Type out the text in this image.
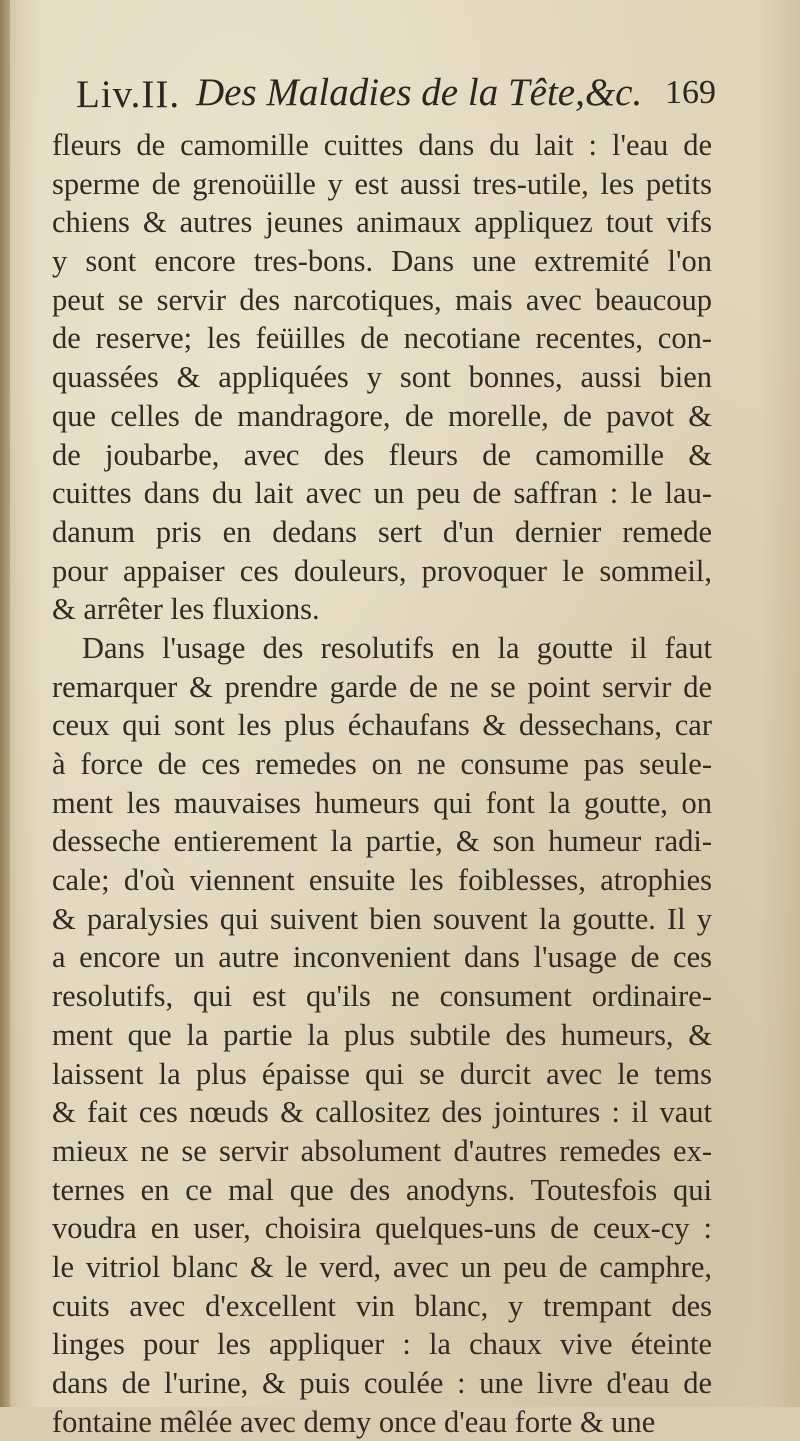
Liv.II. Des Maladies de la Tête,&c. 169
fleurs de camomille cuittes dans du lait : l'eau de
sperme de grenoüille y est aussi tres-utile, les petits
chiens & autres jeunes animaux appliquez tout vifs
y sont encore tres-bons. Dans une extremité l'on
peut se servir des narcotiques, mais avec beaucoup
de reserve; les feüilles de necotiane recentes, con-
quassées & appliquées y sont bonnes, aussi bien
que celles de mandragore, de morelle, de pavot &
de joubarbe, avec des fleurs de camomille &
cuittes dans du lait avec un peu de saffran : le lau-
danum pris en dedans sert d'un dernier remede
pour appaiser ces douleurs, provoquer le sommeil,
& arrêter les fluxions.
Dans l'usage des resolutifs en la goutte il faut
remarquer & prendre garde de ne se point servir de
ceux qui sont les plus échaufans & dessechans, car
à force de ces remedes on ne consume pas seule-
ment les mauvaises humeurs qui font la goutte, on
desseche entierement la partie, & son humeur radi-
cale; d'où viennent ensuite les foiblesses, atrophies
& paralysies qui suivent bien souvent la goutte. Il y
a encore un autre inconvenient dans l'usage de ces
resolutifs, qui est qu'ils ne consument ordinaire-
ment que la partie la plus subtile des humeurs, &
laissent la plus épaisse qui se durcit avec le tems
& fait ces nœuds & callositez des jointures : il vaut
mieux ne se servir absolument d'autres remedes ex-
ternes en ce mal que des anodyns. Toutesfois qui
voudra en user, choisira quelques-uns de ceux-cy :
le vitriol blanc & le verd, avec un peu de camphre,
cuits avec d'excellent vin blanc, y trempant des
linges pour les appliquer : la chaux vive éteinte
dans de l'urine, & puis coulée : une livre d'eau de
fontaine mêlée avec demy once d'eau forte & une
